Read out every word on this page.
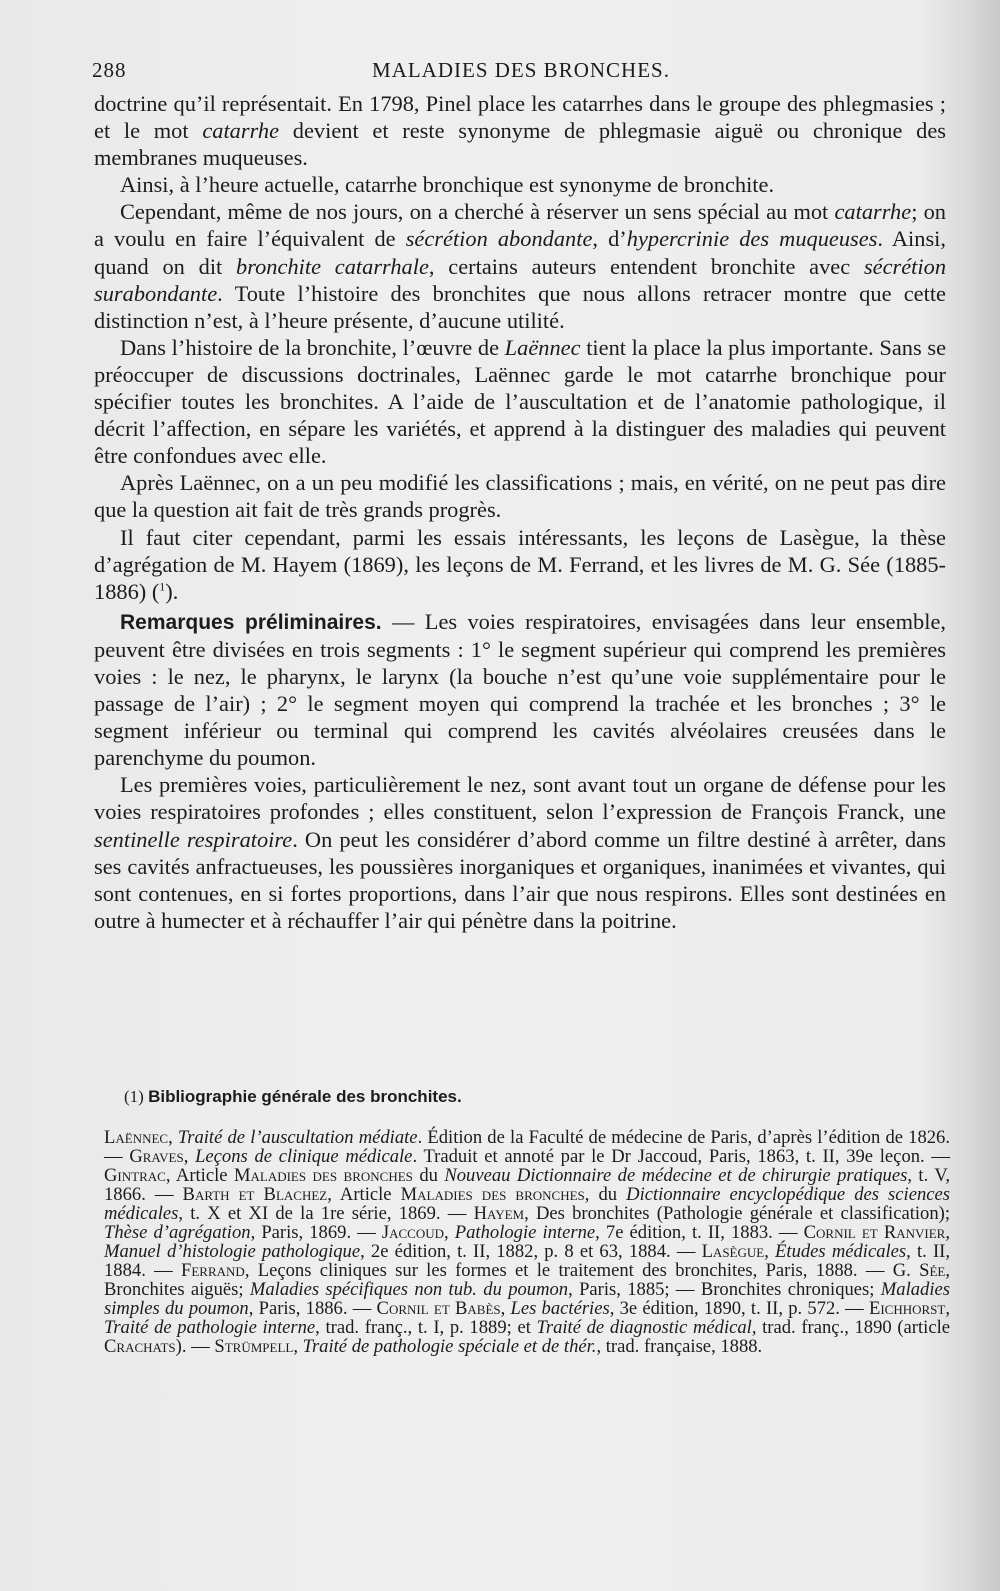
288	MALADIES DES BRONCHES.

doctrine qu’il représentait. En 1798, Pinel place les catarrhes dans le groupe des phlegmasies ; et le mot catarrhe devient et reste synonyme de phlegmasie aiguë ou chronique des membranes muqueuses.

Ainsi, à l’heure actuelle, catarrhe bronchique est synonyme de bronchite.

Cependant, même de nos jours, on a cherché à réserver un sens spécial au mot catarrhe; on a voulu en faire l’équivalent de sécrétion abondante, d’hypercrinie des muqueuses. Ainsi, quand on dit bronchite catarrhale, certains auteurs entendent bronchite avec sécrétion surabondante. Toute l’histoire des bronchites que nous allons retracer montre que cette distinction n’est, à l’heure présente, d’aucune utilité.

Dans l’histoire de la bronchite, l’œuvre de Laënnec tient la place la plus importante. Sans se préoccuper de discussions doctrinales, Laënnec garde le mot catarrhe bronchique pour spécifier toutes les bronchites. A l’aide de l’auscultation et de l’anatomie pathologique, il décrit l’affection, en sépare les variétés, et apprend à la distinguer des maladies qui peuvent être confondues avec elle.

Après Laënnec, on a un peu modifié les classifications ; mais, en vérité, on ne peut pas dire que la question ait fait de très grands progrès.

Il faut citer cependant, parmi les essais intéressants, les leçons de Lasègue, la thèse d’agrégation de M. Hayem (1869), les leçons de M. Ferrand, et les livres de M. G. Sée (1885-1886) ($^1$).

Remarques préliminaires. — Les voies respiratoires, envisagées dans leur ensemble, peuvent être divisées en trois segments : 1° le segment supérieur qui comprend les premières voies : le nez, le pharynx, le larynx (la bouche n’est qu’une voie supplémentaire pour le passage de l’air) ; 2° le segment moyen qui comprend la trachée et les bronches ; 3° le segment inférieur ou terminal qui comprend les cavités alvéolaires creusées dans le parenchyme du poumon.

Les premières voies, particulièrement le nez, sont avant tout un organe de défense pour les voies respiratoires profondes ; elles constituent, selon l’expression de François Franck, une sentinelle respiratoire. On peut les considérer d’abord comme un filtre destiné à arrêter, dans ses cavités anfractueuses, les poussières inorganiques et organiques, inanimées et vivantes, qui sont contenues, en si fortes proportions, dans l’air que nous respirons. Elles sont destinées en outre à humecter et à réchauffer l’air qui pénètre dans la poitrine.

(1) Bibliographie générale des bronchites.

Laënnec, Traité de l’auscultation médiate. Édition de la Faculté de médecine de Paris, d’après l’édition de 1826. — Graves, Leçons de clinique médicale. Traduit et annoté par le Dr Jaccoud, Paris, 1863, t. II, 39e leçon. — Gintrac, Article Maladies des bronches du Nouveau Dictionnaire de médecine et de chirurgie pratiques, t. V, 1866. — Barth et Blachez, Article Maladies des bronches, du Dictionnaire encyclopédique des sciences médicales, t. X et XI de la 1re série, 1869. — Hayem, Des bronchites (Pathologie générale et classification); Thèse d’agrégation, Paris, 1869. — Jaccoud, Pathologie interne, 7e édition, t. II, 1883. — Cornil et Ranvier, Manuel d’histologie pathologique, 2e édition, t. II, 1882, p. 8 et 63, 1884. — Lasègue, Études médicales, t. II, 1884. — Ferrand, Leçons cliniques sur les formes et le traitement des bronchites, Paris, 1888. — G. Sée, Bronchites aiguës; Maladies spécifiques non tub. du poumon, Paris, 1885; — Bronchites chroniques; Maladies simples du poumon, Paris, 1886. — Cornil et Babès, Les bactéries, 3e édition, 1890, t. II, p. 572. — Eichhorst, Traité de pathologie interne, trad. franç., t. I, p. 1889; et Traité de diagnostic médical, trad. franç., 1890 (article Crachats). — Strümpell, Traité de pathologie spéciale et de thér., trad. française, 1888.
